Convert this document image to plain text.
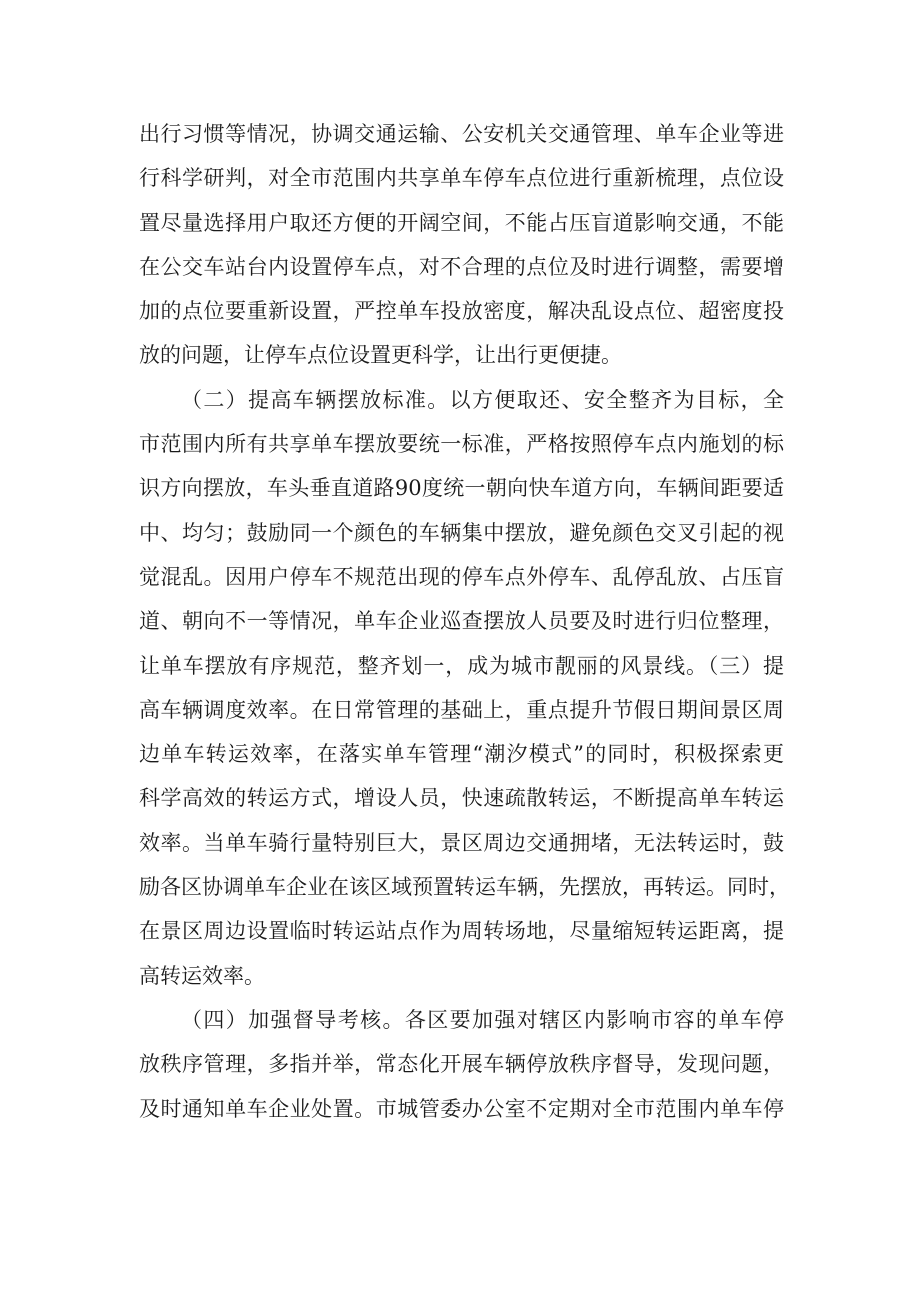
出行习惯等情况，协调交通运输、公安机关交通管理、单车企业等进
行科学研判，对全市范围内共享单车停车点位进行重新梳理，点位设
置尽量选择用户取还方便的开阔空间，不能占压盲道影响交通，不能
在公交车站台内设置停车点，对不合理的点位及时进行调整，需要增
加的点位要重新设置，严控单车投放密度，解决乱设点位、超密度投
放的问题，让停车点位设置更科学，让出行更便捷。
（二）提高车辆摆放标准。以方便取还、安全整齐为目标，全
市范围内所有共享单车摆放要统一标准，严格按照停车点内施划的标
识方向摆放，车头垂直道路90度统一朝向快车道方向，车辆间距要适
中、均匀；鼓励同一个颜色的车辆集中摆放，避免颜色交叉引起的视
觉混乱。因用户停车不规范出现的停车点外停车、乱停乱放、占压盲
道、朝向不一等情况，单车企业巡查摆放人员要及时进行归位整理，
让单车摆放有序规范，整齐划一，成为城市靓丽的风景线。（三）提
高车辆调度效率。在日常管理的基础上，重点提升节假日期间景区周
边单车转运效率，在落实单车管理“潮汐模式”的同时，积极探索更
科学高效的转运方式，增设人员，快速疏散转运，不断提高单车转运
效率。当单车骑行量特别巨大，景区周边交通拥堵，无法转运时，鼓
励各区协调单车企业在该区域预置转运车辆，先摆放，再转运。同时，
在景区周边设置临时转运站点作为周转场地，尽量缩短转运距离，提
高转运效率。
（四）加强督导考核。各区要加强对辖区内影响市容的单车停
放秩序管理，多指并举，常态化开展车辆停放秩序督导，发现问题，
及时通知单车企业处置。市城管委办公室不定期对全市范围内单车停
